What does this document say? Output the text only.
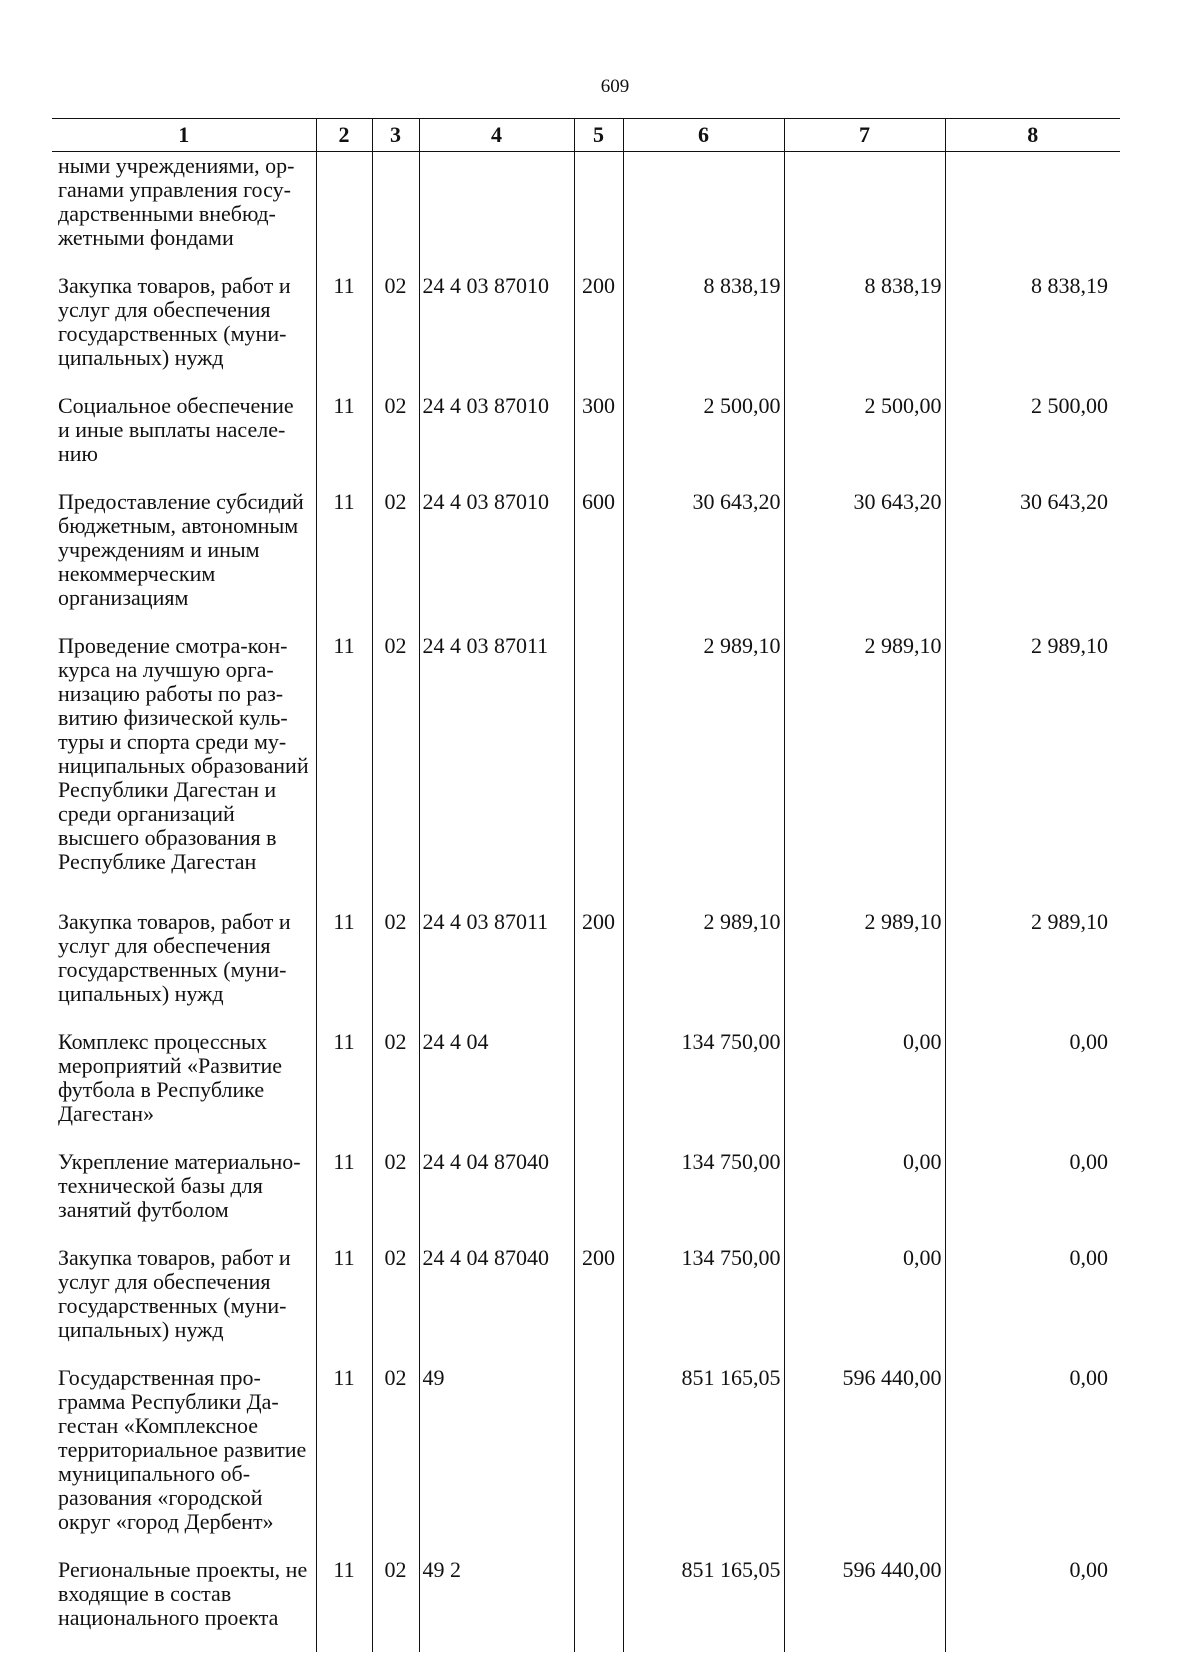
609
1	2	3	4	5	6	7	8
ными учреждениями, органами управления государственными внебюджетными фондами							
Закупка товаров, работ и услуг для обеспечения государственных (муниципальных) нужд	11	02	24 4 03 87010	200	8 838,19	8 838,19	8 838,19
Социальное обеспечение и иные выплаты населению	11	02	24 4 03 87010	300	2 500,00	2 500,00	2 500,00
Предоставление субсидий бюджетным, автономным учреждениям и иным некоммерческим организациям	11	02	24 4 03 87010	600	30 643,20	30 643,20	30 643,20
Проведение смотра-конкурса на лучшую организацию работы по развитию физической культуры и спорта среди муниципальных образований Республики Дагестан и среди организаций высшего образования в Республике Дагестан	11	02	24 4 03 87011		2 989,10	2 989,10	2 989,10
Закупка товаров, работ и услуг для обеспечения государственных (муниципальных) нужд	11	02	24 4 03 87011	200	2 989,10	2 989,10	2 989,10
Комплекс процессных мероприятий «Развитие футбола в Республике Дагестан»	11	02	24 4 04		134 750,00	0,00	0,00
Укрепление материально-технической базы для занятий футболом	11	02	24 4 04 87040		134 750,00	0,00	0,00
Закупка товаров, работ и услуг для обеспечения государственных (муниципальных) нужд	11	02	24 4 04 87040	200	134 750,00	0,00	0,00
Государственная программа Республики Дагестан «Комплексное территориальное развитие муниципального образования «городской округ «город Дербент»	11	02	49		851 165,05	596 440,00	0,00
Региональные проекты, не входящие в состав национального проекта	11	02	49 2		851 165,05	596 440,00	0,00
